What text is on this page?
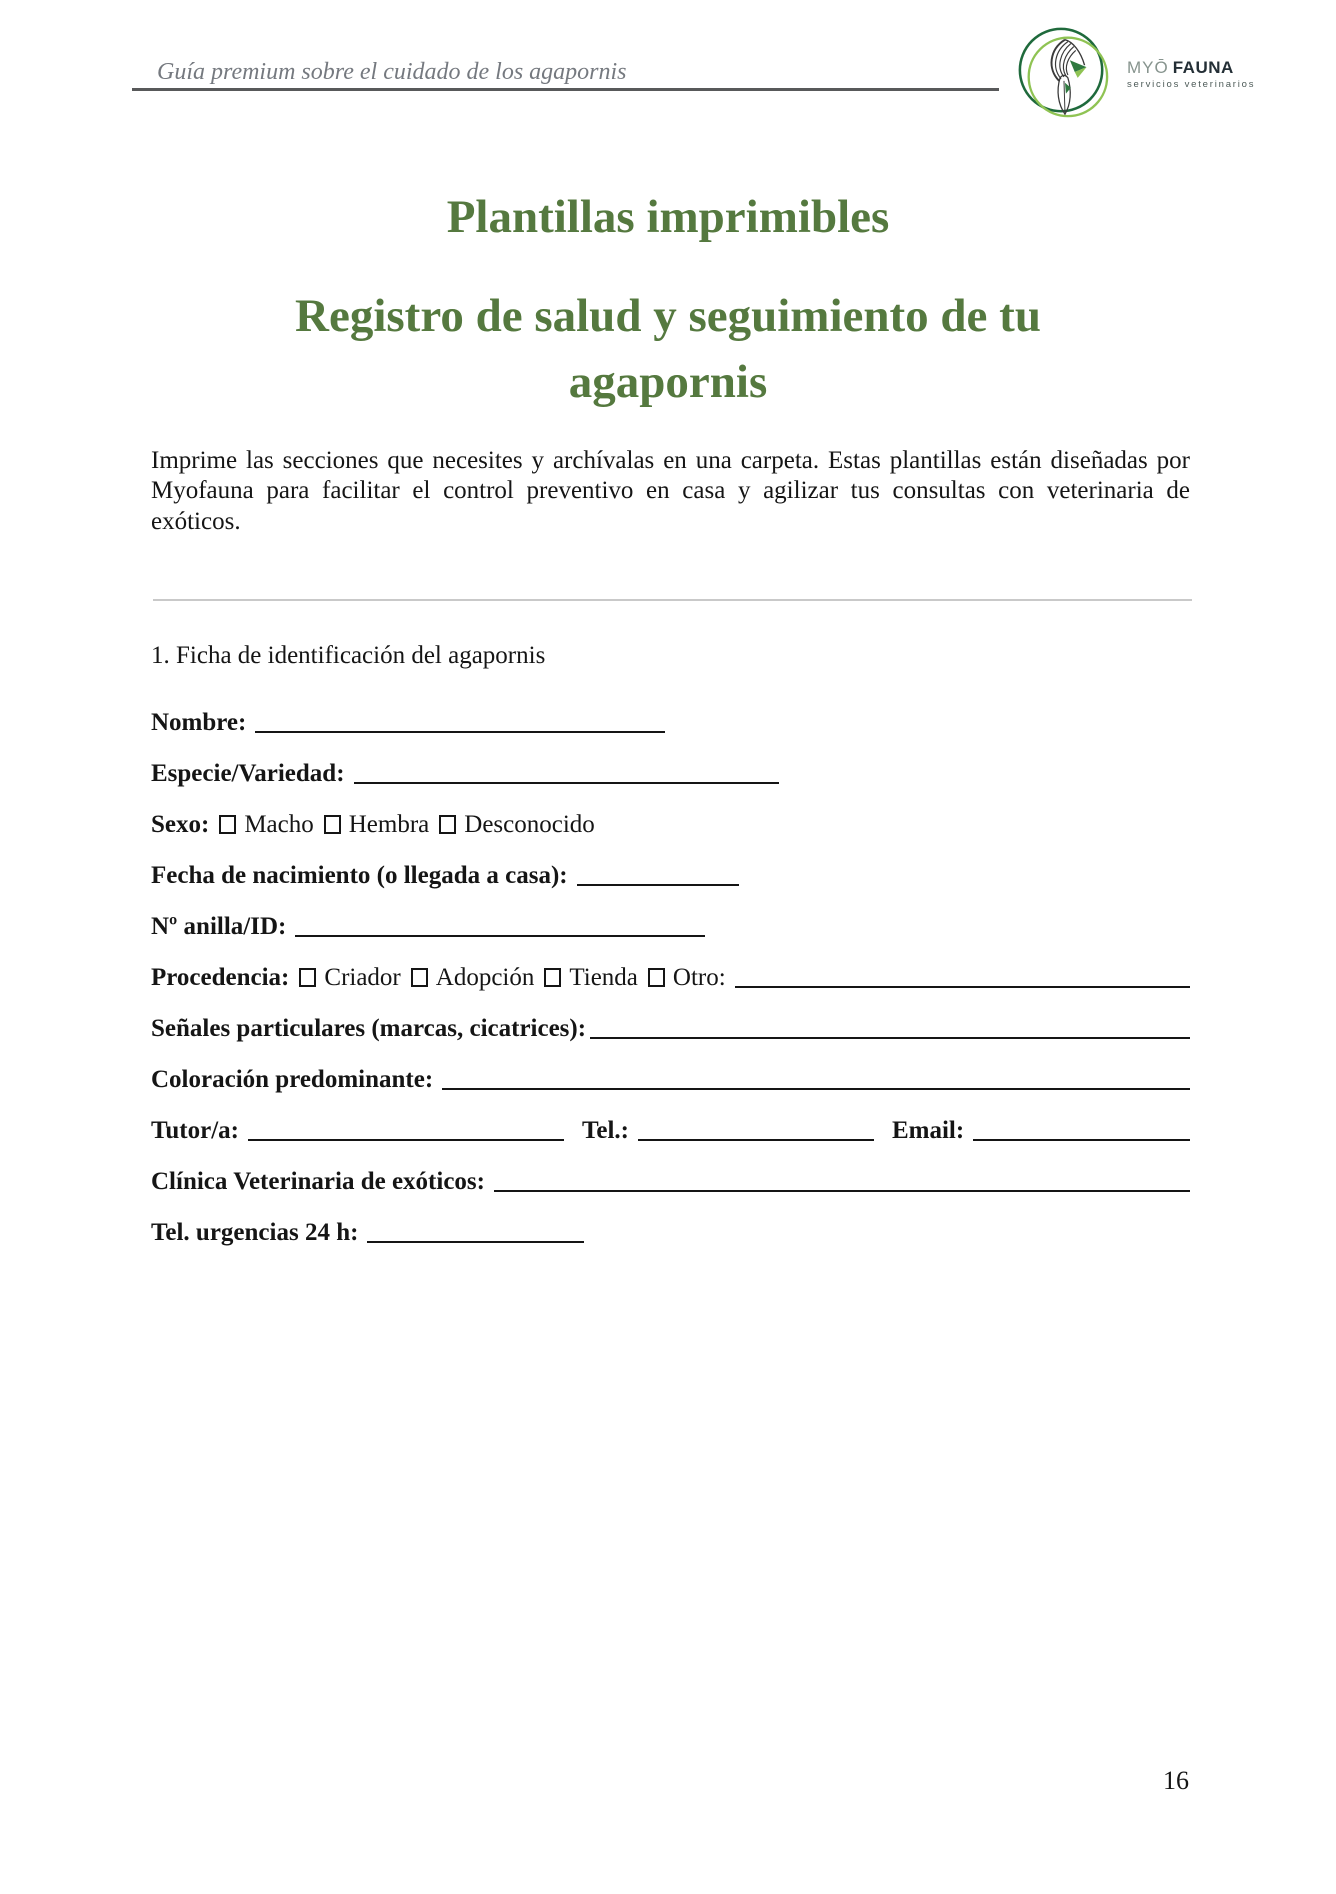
Guía premium sobre el cuidado de los agapornis	MYŌ FAUNA
servicios veterinarios
Plantillas imprimibles
Registro de salud y seguimiento de tu agapornis

Imprime las secciones que necesites y archívalas en una carpeta. Estas plantillas están diseñadas por Myofauna para facilitar el control preventivo en casa y agilizar tus consultas con veterinaria de exóticos.

1. Ficha de identificación del agapornis
Nombre:
Especie/Variedad:
Sexo: Macho Hembra Desconocido
Fecha de nacimiento (o llegada a casa):
Nº anilla/ID:
Procedencia: Criador Adopción Tienda Otro:
Señales particulares (marcas, cicatrices):
Coloración predominante:
Tutor/a:	Tel.:	Email:
Clínica Veterinaria de exóticos:
Tel. urgencias 24 h:
16
